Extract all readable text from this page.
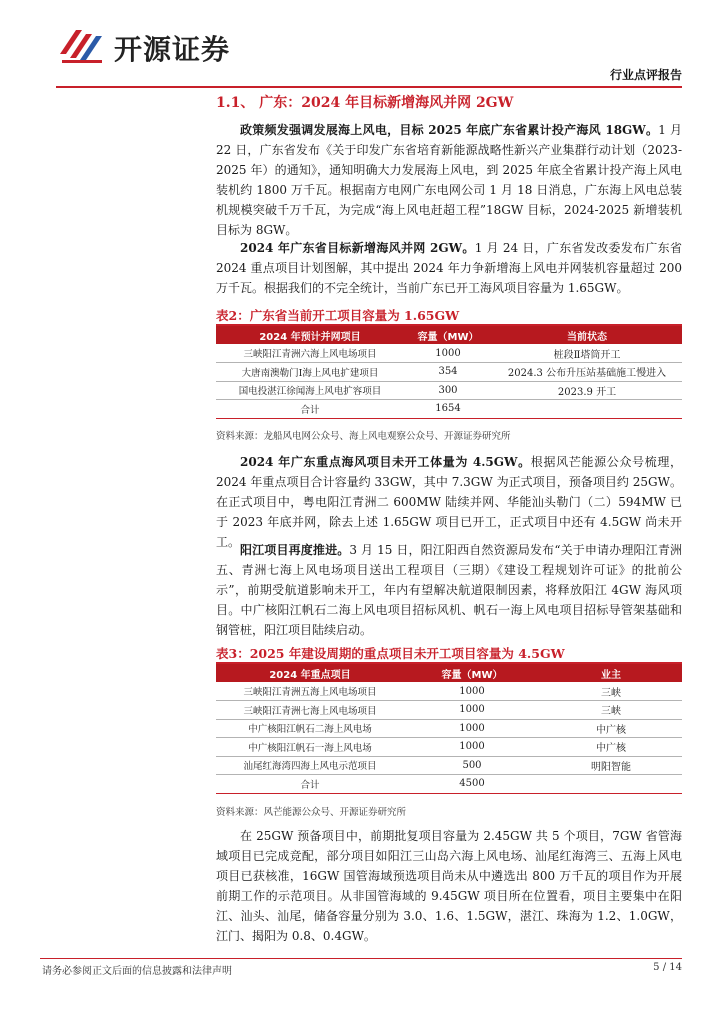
开源证券
行业点评报告
1.1、 广东：2024 年目标新增海风并网 2GW
政策频发强调发展海上风电，目标 2025 年底广东省累计投产海风 18GW。1 月 22 日，广东省发布《关于印发广东省培育新能源战略性新兴产业集群行动计划（2023-2025 年）的通知》，通知明确大力发展海上风电，到 2025 年底全省累计投产海上风电装机约 1800 万千瓦。根据南方电网广东电网公司 1 月 18 日消息，广东海上风电总装机规模突破千万千瓦，为完成“海上风电赶超工程”18GW 目标，2024-2025 新增装机目标为 8GW。
2024 年广东省目标新增海风并网 2GW。1 月 24 日，广东省发改委发布广东省 2024 重点项目计划图解，其中提出 2024 年力争新增海上风电并网装机容量超过 200 万千瓦。根据我们的不完全统计，当前广东已开工海风项目容量为 1.65GW。
表2：广东省当前开工项目容量为 1.65GW
2024 年预计并网项目	容量（MW）	当前状态
三峡阳江青洲六海上风电场项目	1000	桩段Ⅱ塔筒开工
大唐南澳勒门Ⅰ海上风电扩建项目	354	2024.3 公布升压站基础施工慢进入
国电投湛江徐闻海上风电扩容项目	300	2023.9 开工
合计	1654	
资料来源：龙船风电网公众号、海上风电观察公众号、开源证券研究所
2024 年广东重点海风项目未开工体量为 4.5GW。根据风芒能源公众号梳理，2024 年重点项目合计容量约 33GW，其中 7.3GW 为正式项目，预备项目约 25GW。在正式项目中，粤电阳江青洲二 600MW 陆续并网、华能汕头勒门（二）594MW 已于 2023 年底并网，除去上述 1.65GW 项目已开工，正式项目中还有 4.5GW 尚未开工。
阳江项目再度推进。3 月 15 日，阳江阳西自然资源局发布“关于申请办理阳江青洲五、青洲七海上风电场项目送出工程项目（三期）《建设工程规划许可证》的批前公示”，前期受航道影响未开工，年内有望解决航道限制因素，将释放阳江 4GW 海风项目。中广核阳江帆石二海上风电项目招标风机、帆石一海上风电项目招标导管架基础和钢管桩，阳江项目陆续启动。
表3：2025 年建设周期的重点项目未开工项目容量为 4.5GW
2024 年重点项目	容量（MW）	业主
三峡阳江青洲五海上风电场项目	1000	三峡
三峡阳江青洲七海上风电场项目	1000	三峡
中广核阳江帆石二海上风电场	1000	中广核
中广核阳江帆石一海上风电场	1000	中广核
汕尾红海湾四海上风电示范项目	500	明阳智能
合计	4500	
资料来源：风芒能源公众号、开源证券研究所
在 25GW 预备项目中，前期批复项目容量为 2.45GW 共 5 个项目，7GW 省管海域项目已完成竞配，部分项目如阳江三山岛六海上风电场、汕尾红海湾三、五海上风电项目已获核准，16GW 国管海域预选项目尚未从中遴选出 800 万千瓦的项目作为开展前期工作的示范项目。从非国管海域的 9.45GW 项目所在位置看，项目主要集中在阳江、汕头、汕尾，储备容量分别为 3.0、1.6、1.5GW，湛江、珠海为 1.2、1.0GW，江门、揭阳为 0.8、0.4GW。
请务必参阅正文后面的信息披露和法律声明	5 / 14
